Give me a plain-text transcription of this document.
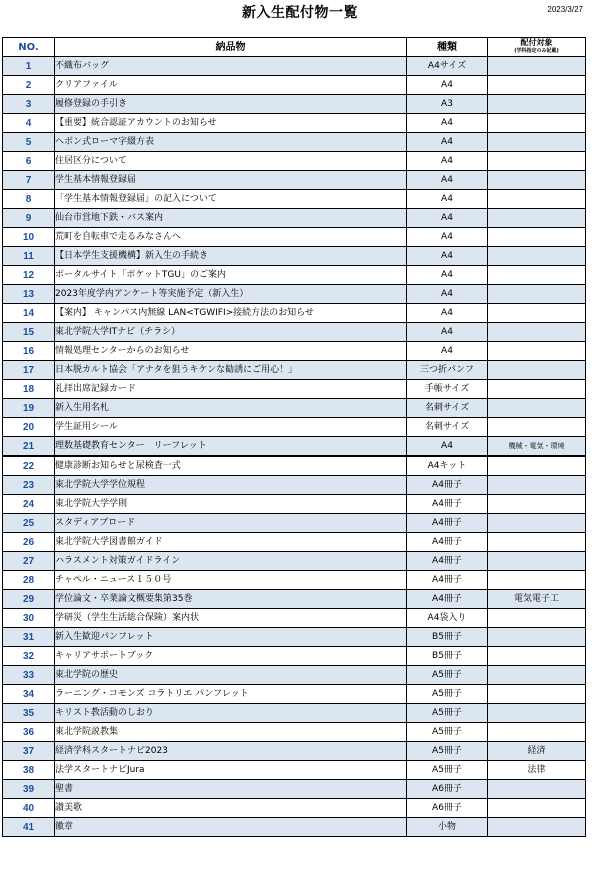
新入生配付物一覧	2023/3/27
NO.	納品物	種類	配付対象
(学科指定のみ記載)

1	不織布バッグ	A4サイズ	
2	クリアファイル	A4	
3	履修登録の手引き	A3	
4	【重要】統合認証アカウントのお知らせ	A4	
5	ヘボン式ローマ字綴方表	A4	
6	住居区分について	A4	
7	学生基本情報登録届	A4	
8	「学生基本情報登録届」の記入について	A4	
9	仙台市営地下鉄・バス案内	A4	
10	荒町を自転車で走るみなさんへ	A4	
11	【日本学生支援機構】新入生の手続き	A4	
12	ポータルサイト「ポケットTGU」のご案内	A4	
13	2023年度学内アンケート等実施予定（新入生）	A4	
14	【案内】 キャンパス内無線 LAN<TGWIFI>接続方法のお知らせ	A4	
15	東北学院大学ITナビ（チラシ）	A4	
16	情報処理センターからのお知らせ	A4	
17	日本脱カルト協会「アナタを狙うキケンな勧誘にご用心！」	三つ折パンフ	
18	礼拝出席記録カード	手帳サイズ	
19	新入生用名札	名刺サイズ	
20	学生証用シール	名刺サイズ	
21	理数基礎教育センター　リーフレット	A4	機械・電気・環境
22	健康診断お知らせと尿検査一式	A4キット	
23	東北学院大学学位規程	A4冊子	
24	東北学院大学学則	A4冊子	
25	スタディアブロード	A4冊子	
26	東北学院大学図書館ガイド	A4冊子	
27	ハラスメント対策ガイドライン	A4冊子	
28	チャペル・ニュース１５０号	A4冊子	
29	学位論文・卒業論文概要集第35巻	A4冊子	電気電子工
30	学研災（学生生活総合保険）案内状	A4袋入り	
31	新入生歓迎パンフレット	B5冊子	
32	キャリアサポートブック	B5冊子	
33	東北学院の歴史	A5冊子	
34	ラーニング・コモンズ コラトリエ パンフレット	A5冊子	
35	キリスト教活動のしおり	A5冊子	
36	東北学院説教集	A5冊子	
37	経済学科スタートナビ2023	A5冊子	経済
38	法学スタートナビJura	A5冊子	法律
39	聖書	A6冊子	
40	讃美歌	A6冊子	
41	徽章	小物	
